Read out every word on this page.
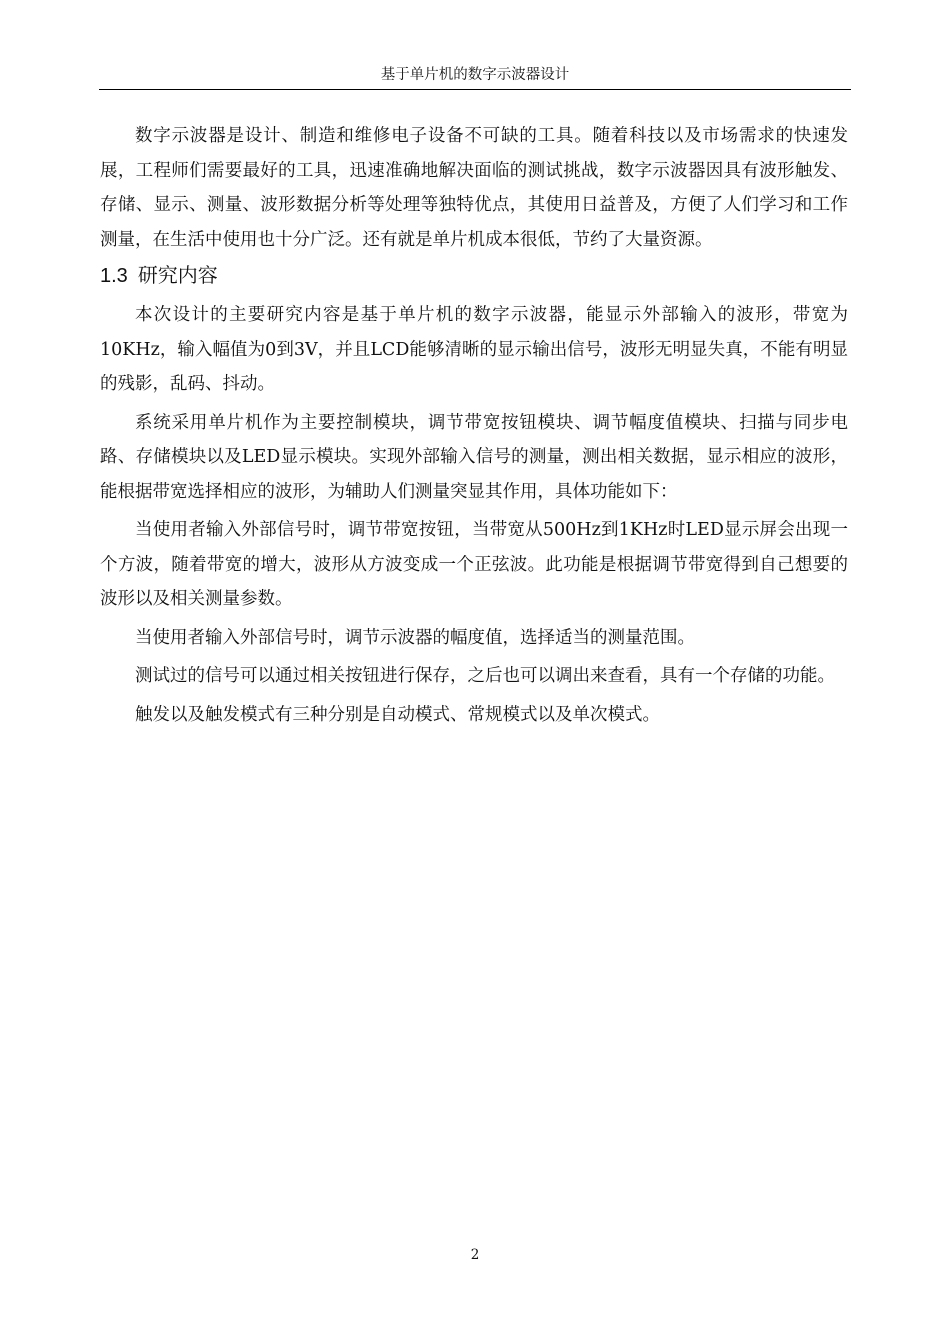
基于单片机的数字示波器设计

数字示波器是设计、制造和维修电子设备不可缺的工具。随着科技以及市场需求的快速发展，工程师们需要最好的工具，迅速准确地解决面临的测试挑战，数字示波器因具有波形触发、存储、显示、测量、波形数据分析等处理等独特优点，其使用日益普及，方便了人们学习和工作测量，在生活中使用也十分广泛。还有就是单片机成本很低，节约了大量资源。

1.3 研究内容

本次设计的主要研究内容是基于单片机的数字示波器，能显示外部输入的波形，带宽为10KHz，输入幅值为0到3V，并且LCD能够清晰的显示输出信号，波形无明显失真，不能有明显的残影，乱码、抖动。

系统采用单片机作为主要控制模块，调节带宽按钮模块、调节幅度值模块、扫描与同步电路、存储模块以及LED显示模块。实现外部输入信号的测量，测出相关数据，显示相应的波形，能根据带宽选择相应的波形，为辅助人们测量突显其作用，具体功能如下：

当使用者输入外部信号时，调节带宽按钮，当带宽从500Hz到1KHz时LED显示屏会出现一个方波，随着带宽的增大，波形从方波变成一个正弦波。此功能是根据调节带宽得到自己想要的波形以及相关测量参数。

当使用者输入外部信号时，调节示波器的幅度值，选择适当的测量范围。

测试过的信号可以通过相关按钮进行保存，之后也可以调出来查看，具有一个存储的功能。

触发以及触发模式有三种分别是自动模式、常规模式以及单次模式。

2
